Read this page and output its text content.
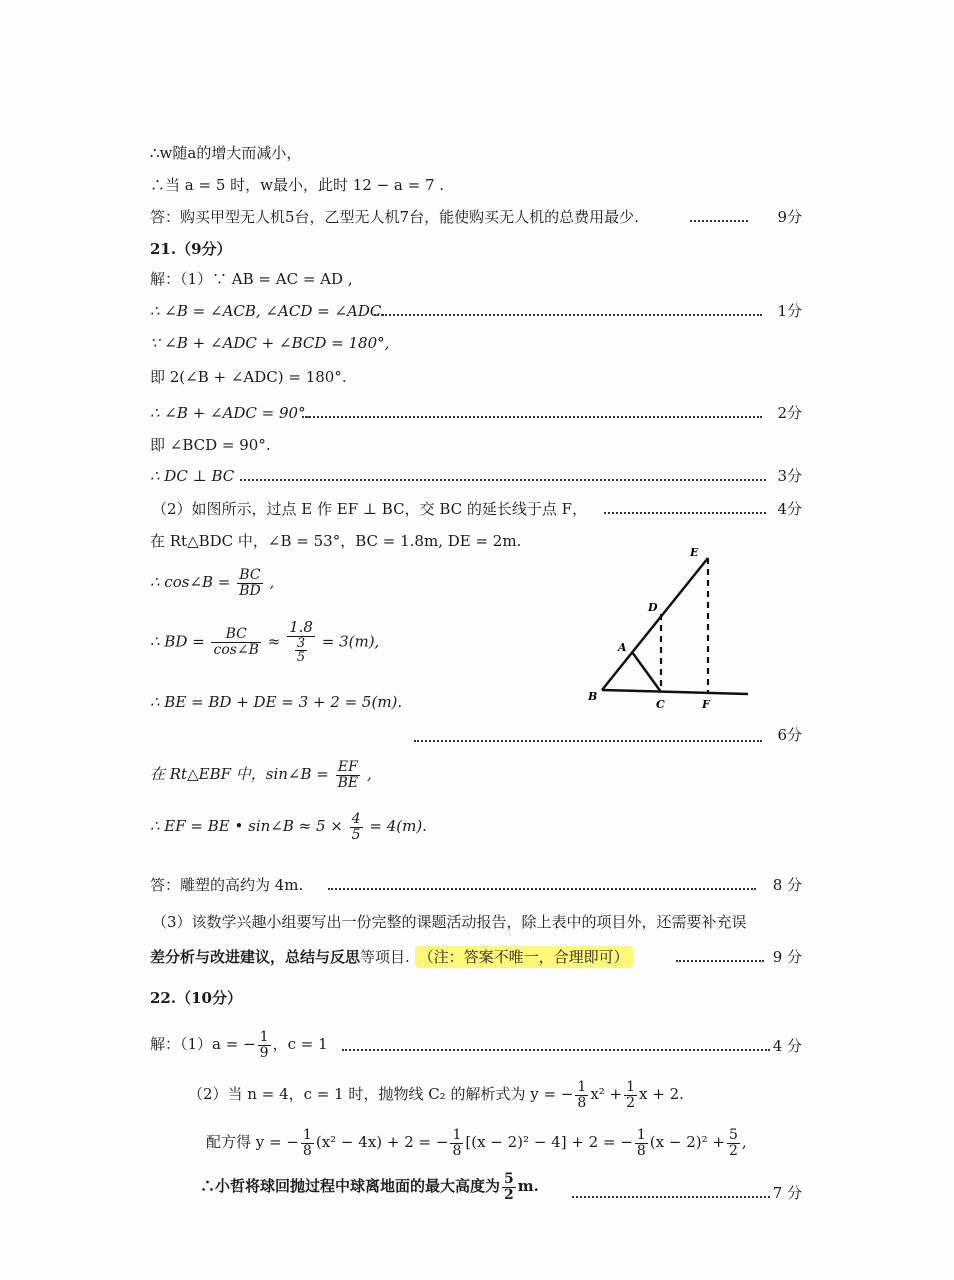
∴w随a的增大而减小，
∴当 a = 5 时，w最小，此时 12 − a = 7 .
答：购买甲型无人机5台，乙型无人机7台，能使购买无人机的总费用最少.	9分
21.（9分）
解：（1）∵ AB = AC = AD ,
∴ ∠B = ∠ACB, ∠ACD = ∠ADC.	1分
∵ ∠B + ∠ADC + ∠BCD = 180°,
即 2(∠B + ∠ADC) = 180°.
∴ ∠B + ∠ADC = 90°.	2分
即 ∠BCD = 90°.
∴ DC ⊥ BC	3分
（2）如图所示，过点 E 作 EF ⊥ BC，交 BC 的延长线于点 F，	4分
在 Rt△BDC 中，∠B = 53°，BC = 1.8m, DE = 2m.
∴ cos∠B = $\frac{BC}{BD}$ ,
∴ BD = $\frac{BC}{\cos\angle B} \approx \frac{1.8}{\frac{3}{5}} = 3(m)$,
∴ BE = BD + DE = 3 + 2 = 5(m).
6分
在 Rt△EBF 中，sin∠B = $\frac{EF}{BE}$ ,
∴ EF = BE • sin∠B ≈ $5 \times \frac{4}{5} = 4(m)$.
答：雕塑的高约为 4m.	8 分
（3）该数学兴趣小组要写出一份完整的课题活动报告，除上表中的项目外，还需要补充误
差分析与改进建议，总结与反思等项目. （注：答案不唯一，合理即可）	9 分
22.（10分）
解：（1）a = − $\frac{1}{9}$ ，c = 1	4 分
（2）当 n = 4，c = 1 时，抛物线 C₂ 的解析式为 y = − $\frac{1}{8} x^2 + \frac{1}{2}$ x + 2.
配方得 y = − $\frac{1}{8} (x^2 - 4x) + 2$ = − $\frac{1}{8} [(x - 2)^2 - 4] + 2$ = − $\frac{1}{8} (x - 2)^2 + \frac{5}{2}$ ,
∴小哲将球回抛过程中球离地面的最大高度为 $\frac{5}{2} m$.	7 分
E
D
A
B
C	F
